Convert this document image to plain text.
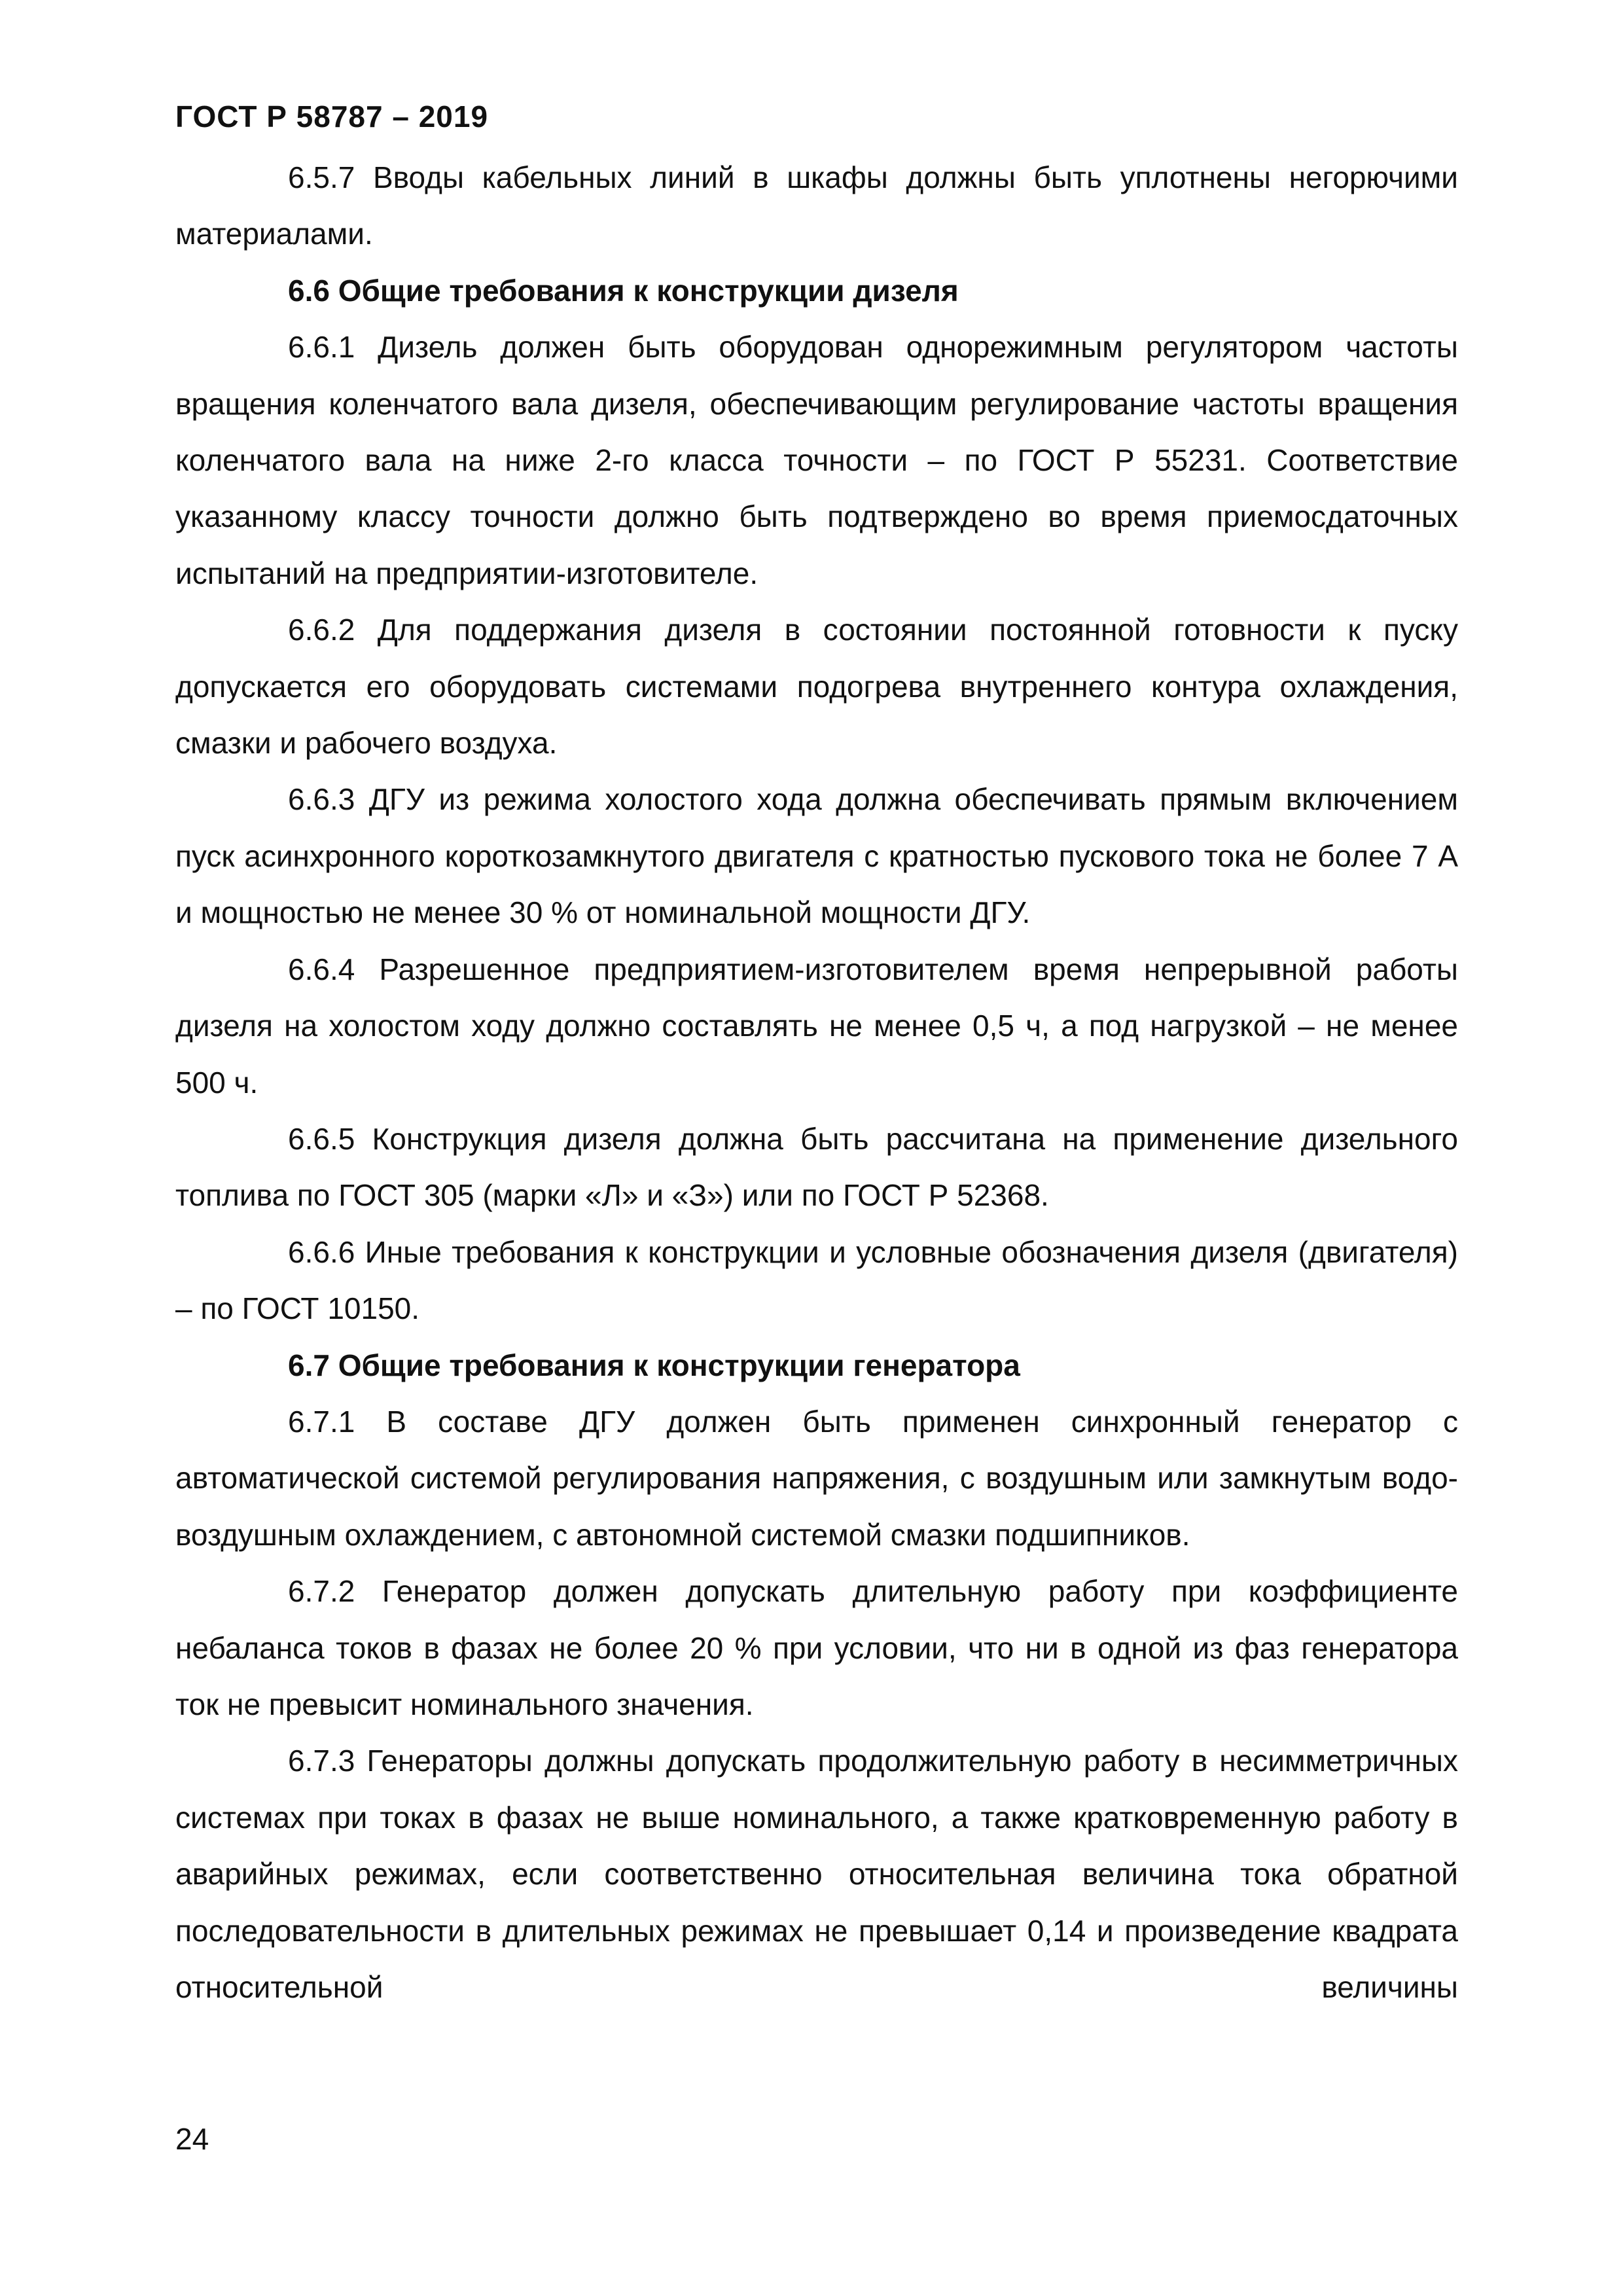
ГОСТ Р 58787 – 2019

6.5.7 Вводы кабельных линий в шкафы должны быть уплотнены негорючими материалами.

6.6 Общие требования к конструкции дизеля

6.6.1 Дизель должен быть оборудован однорежимным регулятором частоты вращения коленчатого вала дизеля, обеспечивающим регулирование частоты вращения коленчатого вала на ниже 2-го класса точности – по ГОСТ Р 55231. Соответствие указанному классу точности должно быть подтверждено во время приемосдаточных испытаний на предприятии-изготовителе.

6.6.2 Для поддержания дизеля в состоянии постоянной готовности к пуску допускается его оборудовать системами подогрева внутреннего контура охлаждения, смазки и рабочего воздуха.

6.6.3 ДГУ из режима холостого хода должна обеспечивать прямым включением пуск асинхронного короткозамкнутого двигателя с кратностью пускового тока не более 7 А и мощностью не менее 30 % от номинальной мощности ДГУ.

6.6.4 Разрешенное предприятием-изготовителем время непрерывной работы дизеля на холостом ходу должно составлять не менее 0,5 ч, а под нагрузкой – не менее 500 ч.

6.6.5 Конструкция дизеля должна быть рассчитана на применение дизельного топлива по ГОСТ 305 (марки «Л» и «З») или по ГОСТ Р 52368.

6.6.6 Иные требования к конструкции и условные обозначения дизеля (двигателя) – по ГОСТ 10150.

6.7 Общие требования к конструкции генератора

6.7.1 В составе ДГУ должен быть применен синхронный генератор с автоматической системой регулирования напряжения, с воздушным или замкнутым водо-воздушным охлаждением, с автономной системой смазки подшипников.

6.7.2 Генератор должен допускать длительную работу при коэффициенте небаланса токов в фазах не более 20 % при условии, что ни в одной из фаз генератора ток не превысит номинального значения.

6.7.3 Генераторы должны допускать продолжительную работу в несимметричных системах при токах в фазах не выше номинального, а также кратковременную работу в аварийных режимах, если соответственно относительная величина тока обратной последовательности в длительных режимах не превышает 0,14 и произведение квадрата относительной величины

24
